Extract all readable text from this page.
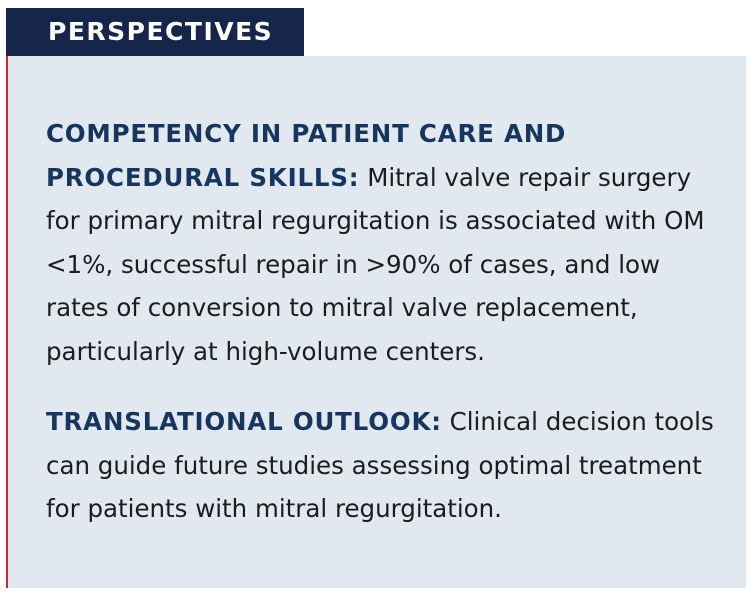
PERSPECTIVES

COMPETENCY IN PATIENT CARE AND
PROCEDURAL SKILLS: Mitral valve repair surgery for primary mitral regurgitation is associated with OM <1%, successful repair in >90% of cases, and low rates of conversion to mitral valve replacement, particularly at high-volume centers.

TRANSLATIONAL OUTLOOK: Clinical decision tools can guide future studies assessing optimal treatment for patients with mitral regurgitation.
